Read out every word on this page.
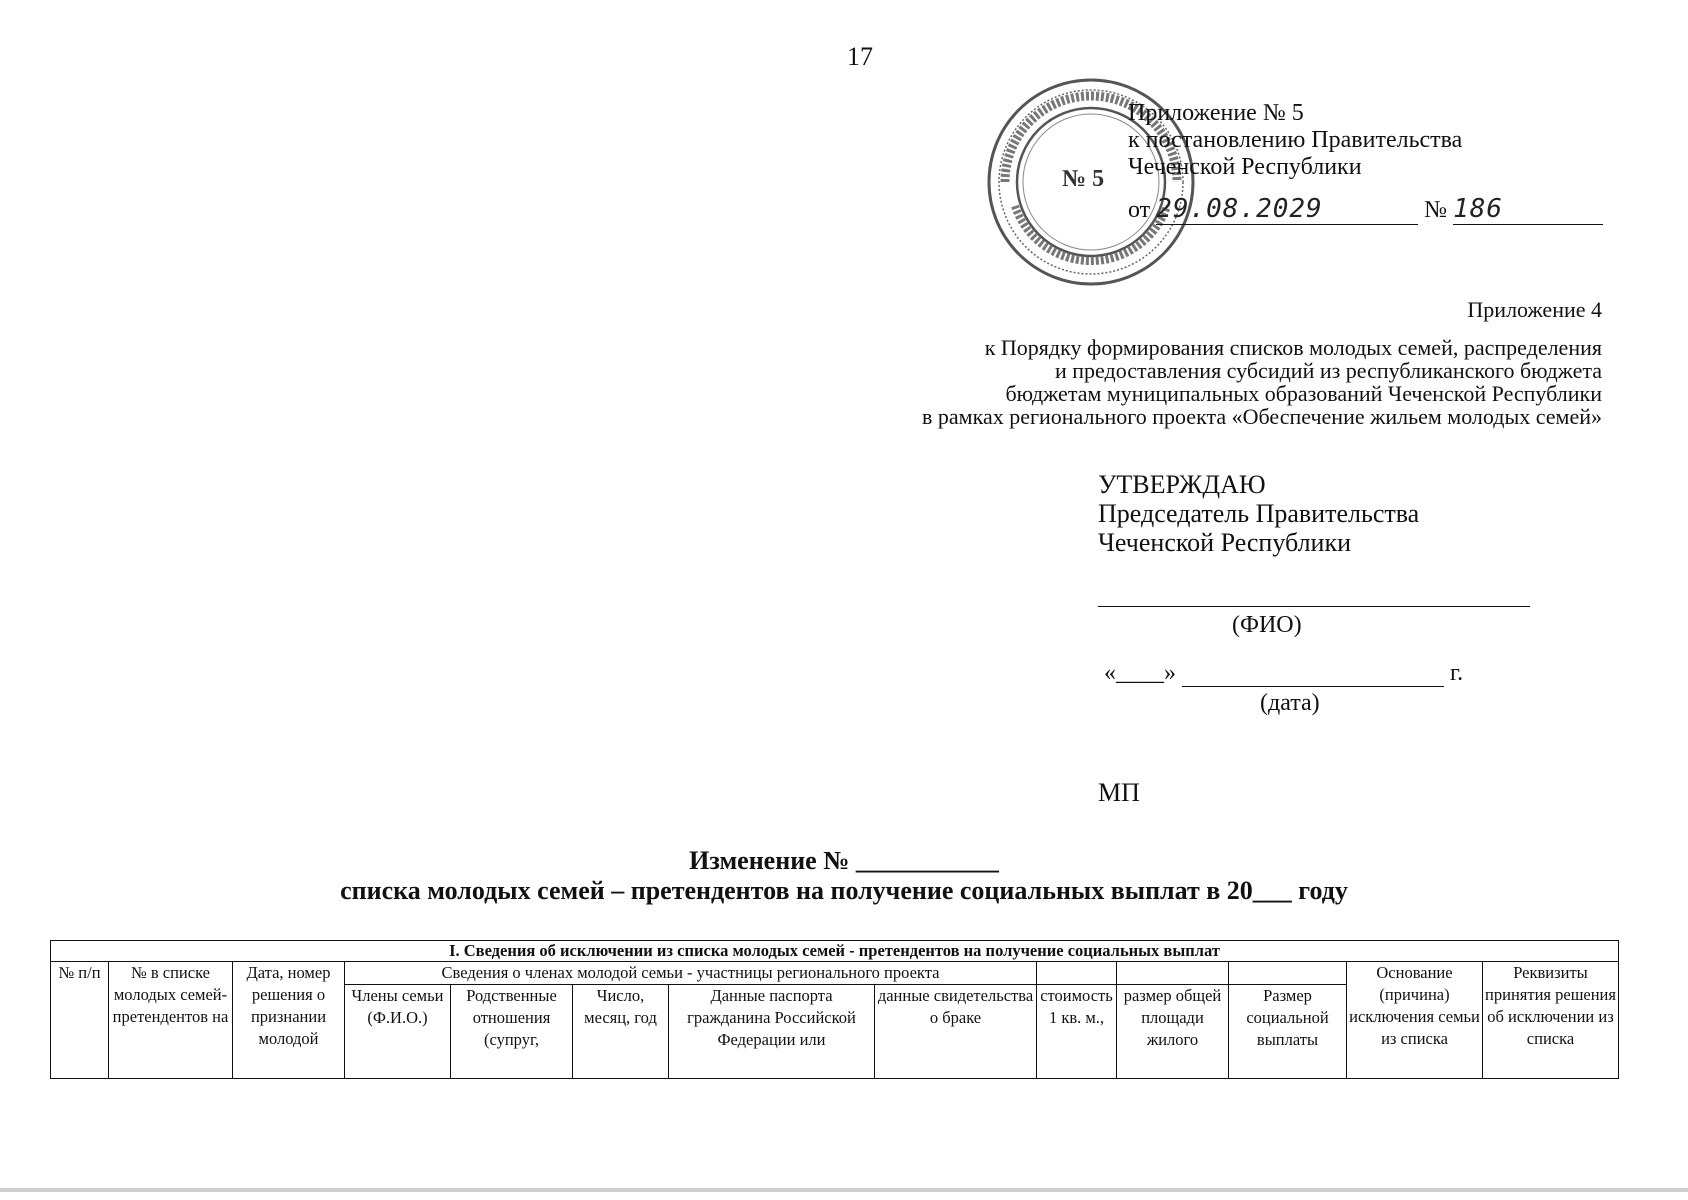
17
№ 5
Приложение № 5
к постановлению Правительства
Чеченской Республики
от 29.08.2029	№ 186
Приложение 4
к Порядку формирования списков молодых семей, распределения
и предоставления субсидий из республиканского бюджета
бюджетам муниципальных образований Чеченской Республики
в рамках регионального проекта «Обеспечение жильем молодых семей»
УТВЕРЖДАЮ
Председатель Правительства
Чеченской Республики
(ФИО)
«____»	г.
(дата)
МП
Изменение № ___________
списка молодых семей – претендентов на получение социальных выплат в 20___ году
I. Сведения об исключении из списка молодых семей - претендентов на получение социальных выплат												
№ п/п	№ в списке молодых семей-претендентов на	Дата, номер решения о признании молодой	Сведения о членах молодой семьи - участницы регионального проекта								Основание (причина) исключения семьи из списка	Реквизиты принятия решения об исключении из списка

			Члены семьи (Ф.И.О.)	Родственные отношения (супруг,	Число, месяц, год	Данные паспорта гражданина Российской Федерации или	данные свидетельства о браке	стоимость 1 кв. м.,	размер общей площади жилого	Размер социальной выплаты		
